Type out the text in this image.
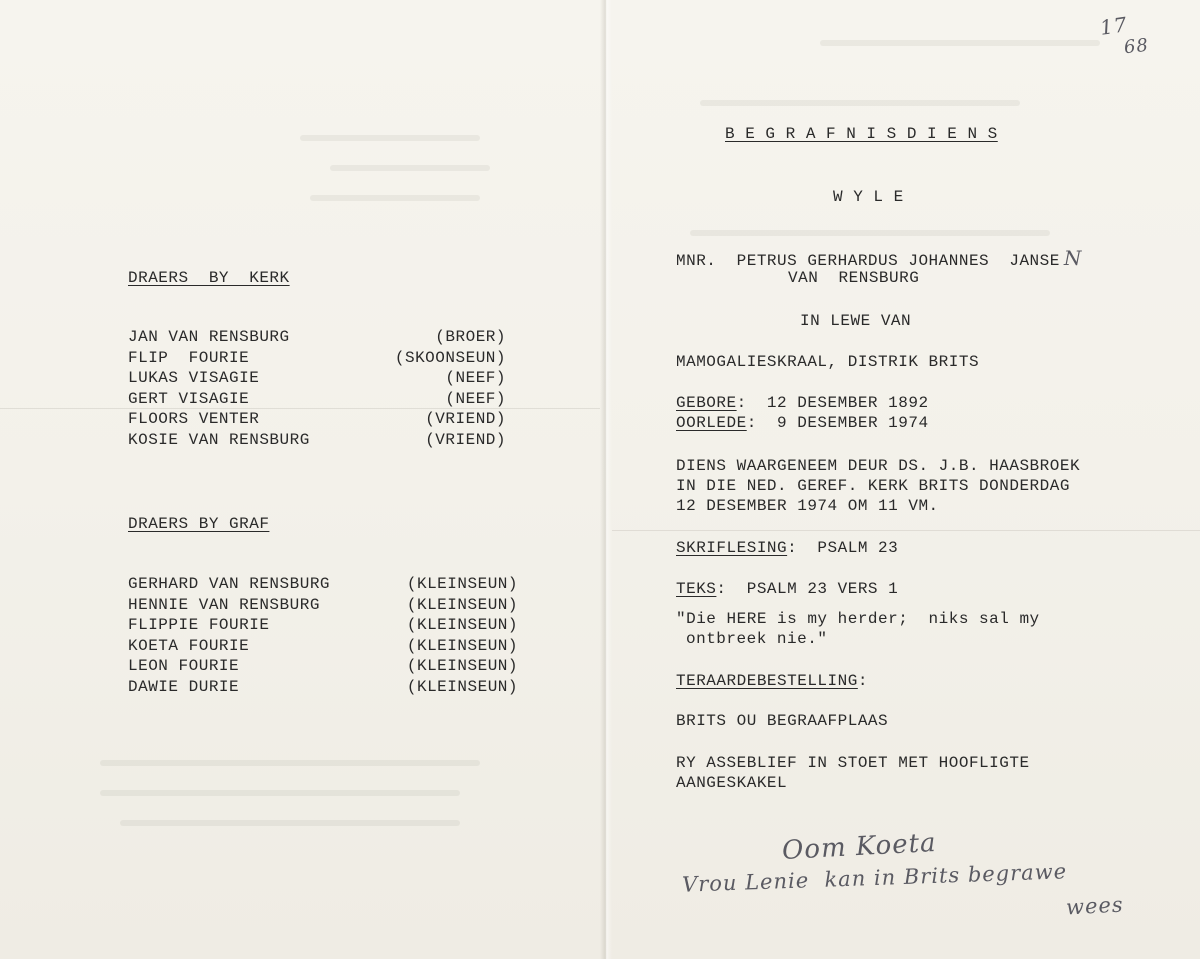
DRAERS  BY  KERK
JAN VAN RENSBURG	(BROER)
FLIP  FOURIE	(SKOONSEUN)
LUKAS VISAGIE	(NEEF)
GERT VISAGIE	(NEEF)
FLOORS VENTER	(VRIEND)
KOSIE VAN RENSBURG	(VRIEND)
DRAERS BY GRAF
GERHARD VAN RENSBURG	(KLEINSEUN)
HENNIE VAN RENSBURG	(KLEINSEUN)
FLIPPIE FOURIE	(KLEINSEUN)
KOETA FOURIE	(KLEINSEUN)
LEON FOURIE	(KLEINSEUN)
DAWIE DURIE	(KLEINSEUN)
B E G R A F N I S D I E N S
W Y L E
MNR.  PETRUS GERHARDUS JOHANNES  JANSE N
VAN  RENSBURG
IN LEWE VAN
MAMOGALIESKRAAL, DISTRIK BRITS
GEBORE:  12 DESEMBER 1892
OORLEDE:  9 DESEMBER 1974
DIENS WAARGENEEM DEUR DS. J.B. HAASBROEK
IN DIE NED. GEREF. KERK BRITS DONDERDAG
12 DESEMBER 1974 OM 11 VM.
SKRIFLESING:  PSALM 23
TEKS:  PSALM 23 VERS 1
"Die HERE is my herder;  niks sal my
ontbreek nie."
TERAARDEBESTELLING:
BRITS OU BEGRAAFPLAAS
RY ASSEBLIEF IN STOET MET HOOFLIGTE
AANGESKAKEL
17
68
Oom Koeta
Vrou Lenie  kan in Brits begrawe
wees
